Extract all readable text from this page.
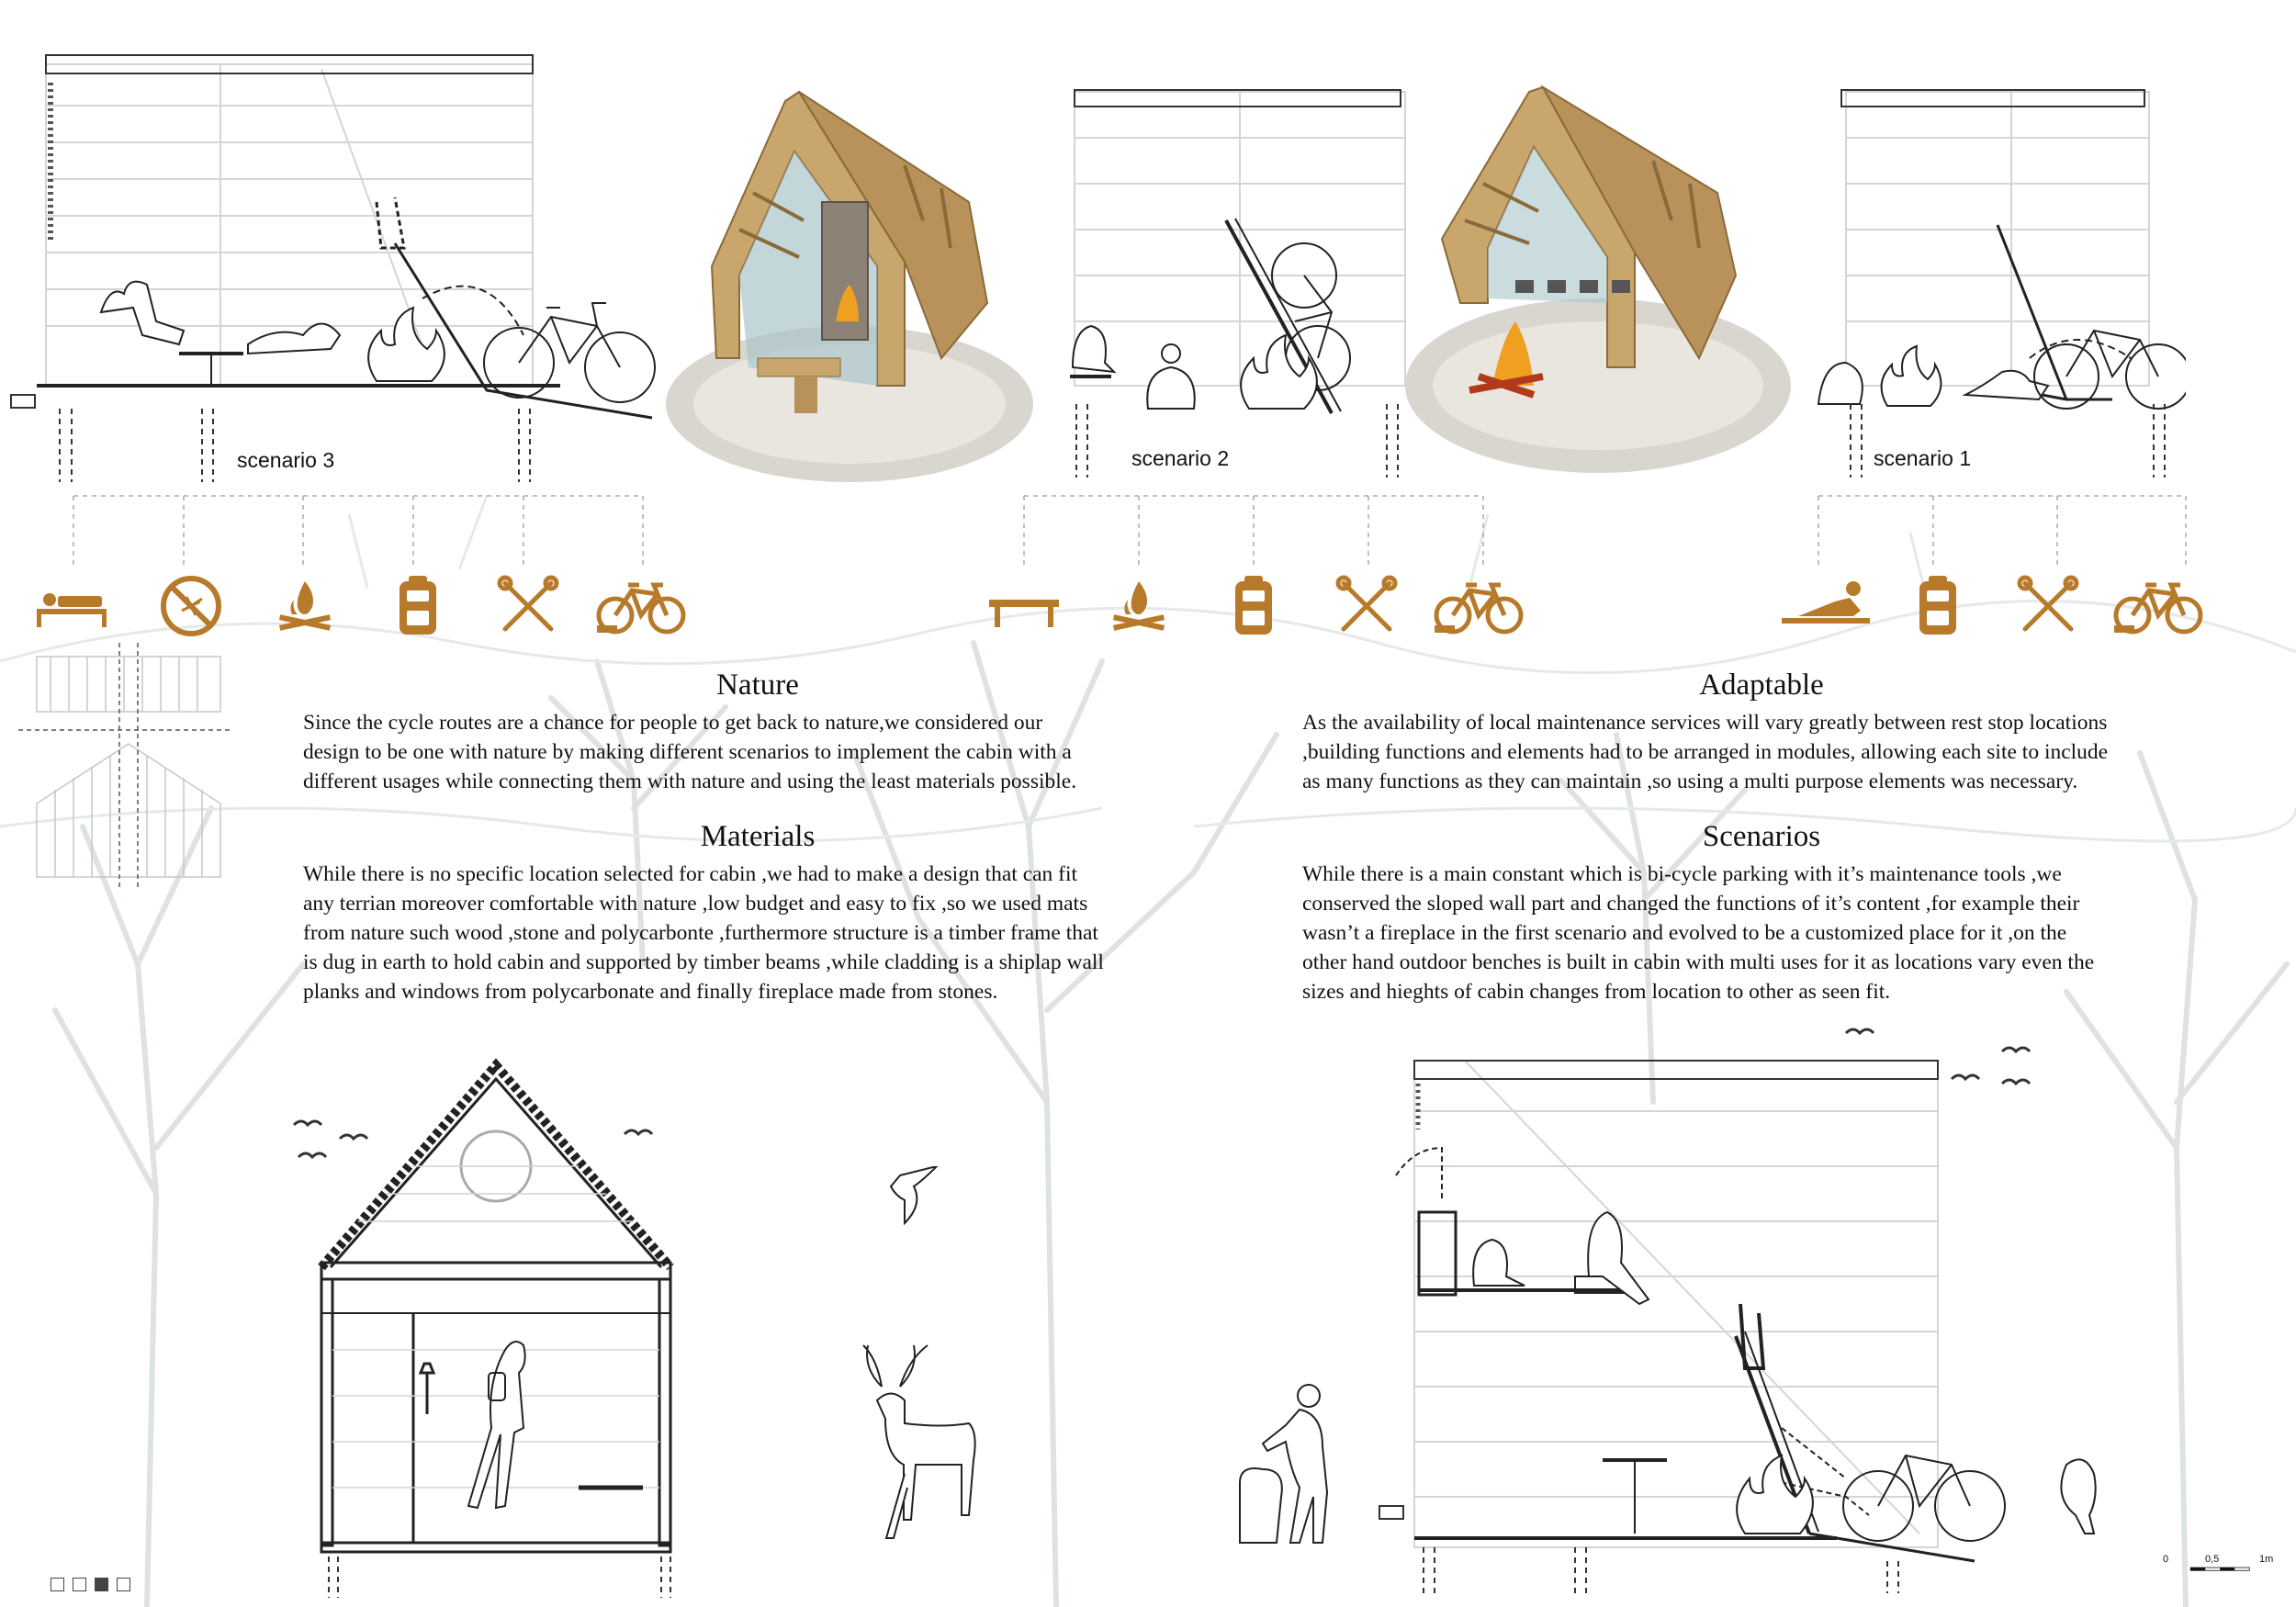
scenario 3	scenario 2	scenario 1
Nature

Since the cycle routes are a chance for people to get back to nature,we considered our
design to be one with nature by making different scenarios to implement the cabin with a
different usages while connecting them with nature and using the least materials possible.

Materials

While there is no specific location selected for cabin ,we had to make a design that can fit
any terrian moreover comfortable with nature ,low budget and easy to fix ,so we used mats
from nature such wood ,stone and polycarbonte ,furthermore structure is a timber frame that
is dug in earth to hold cabin and supported by timber beams ,while cladding is a shiplap wall
planks and windows from polycarbonate and finally fireplace made from stones.

Adaptable

As the availability of local maintenance services will vary greatly between rest stop locations
,building functions and elements had to be arranged in modules, allowing each site to include
as many functions as they can maintain ,so using a multi purpose elements was necessary.

Scenarios

While there is a main constant which is bi-cycle parking with it’s maintenance tools ,we
conserved the sloped wall part and changed the functions of it’s content ,for example their
wasn’t a fireplace in the first scenario and evolved to be a customized place for it ,on the
other hand outdoor benches is built in cabin with multi uses for it as locations vary even the
sizes and hieghts of cabin changes from location to other as seen fit.

0	0,5	1m
